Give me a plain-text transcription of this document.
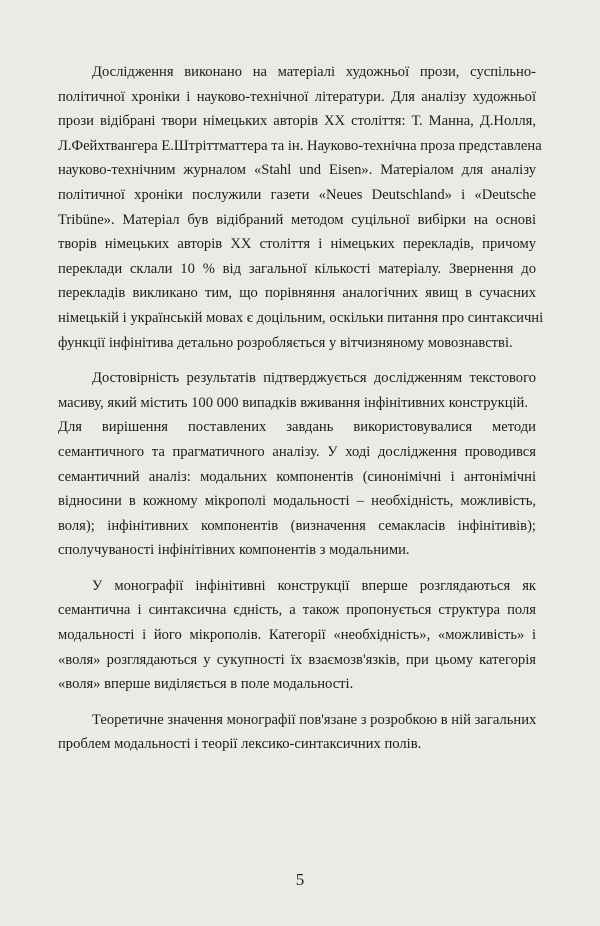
Дослідження виконано на матеріалі художньої прози, суспільно-
політичної хроніки і науково-технічної літератури. Для аналізу художньої
прози відібрані твори німецьких авторів ХХ століття: Т. Манна, Д.Нолля,
Л.Фейхтвангера Е.Штріттматтера та ін. Науково-технічна проза представлена
науково-технічним журналом «Stahl und Eisen». Матеріалом для аналізу
політичної хроніки послужили газети «Neues Deutschland» і «Deutsche
Tribüne». Матеріал був відібраний методом суцільної вибірки на основі
творів німецьких авторів ХХ століття і німецьких перекладів, причому
переклади склали 10 % від загальної кількості матеріалу. Звернення до
перекладів викликано тим, що порівняння аналогічних явищ в сучасних
німецькій і українській мовах є доцільним, оскільки питання про синтаксичні
функції інфінітива детально розробляється у вітчизняному мовознавстві.

Достовірність результатів підтверджується дослідженням текстового
масиву, який містить 100 000 випадків вживання інфінітивних конструкцій.
Для вирішення поставлених завдань використовувалися методи
семантичного та прагматичного аналізу. У ході дослідження проводився
семантичний аналіз: модальних компонентів (синонімічні і антонімічні
відносини в кожному мікрополі модальності – необхідність, можливість,
воля); інфінітивних компонентів (визначення семакласів інфінітивів);
сполучуваності інфінітівних компонентів з модальними.

У монографії інфінітивні конструкції вперше розглядаються як
семантична і синтаксична єдність, а також пропонується структура поля
модальності і його мікрополів. Категорії «необхідність», «можливість» і
«воля» розглядаються у сукупності їх взаємозв'язків, при цьому категорія
«воля» вперше виділяється в поле модальності.

Теоретичне значення монографії пов'язане з розробкою в ній загальних
проблем модальності і теорії лексико-синтаксичних полів.

5
